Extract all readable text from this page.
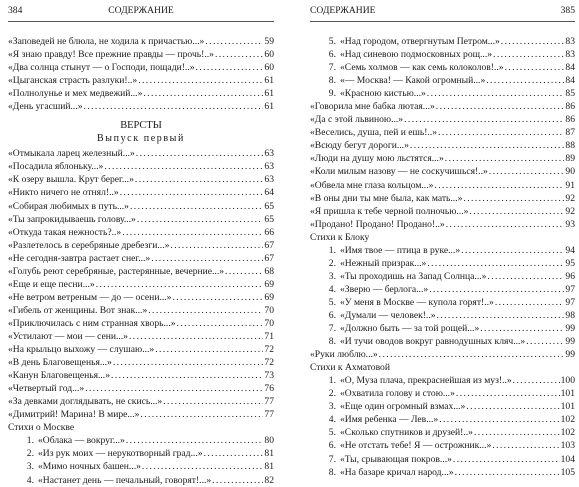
384	СОДЕРЖАНИЕ
«Заповедей не блюла, не ходила к причастью...» .....	59
«Я знаю правду! Все прежние правды — прочь!..» .....	60
«Два солнца стынут — о Господи, пощади!..» .....	60
«Цыганская страсть разлуки!..» .....	61
«Полнолунье и мех медвежий...» .....	61
«День угасший...» .....	61
ВЕРСТЫ
Выпуск первый
«Отмыкала ларец железный...» .....	63
«Посадила яблоньку...» .....	63
«К озеру вышла. Крут берег...» .....	63
«Никто ничего не отнял!..» .....	64
«Собирая любимых в путь...» .....	65
«Ты запрокидываешь голову...» .....	65
«Откуда такая нежность?..» .....	66
«Разлетелось в серебряные дребезги...» .....	67
«Не сегодня-завтра растает снег...» .....	67
«Голубь реют серебряные, растерянные, вечерние...» .....	68
«Еще и еще песни...» .....	69
«Не ветром ветреным — до — осени...» .....	69
«Гибель от женщины. Вот знак...» .....	70
«Приключилась с ним странная хворь...» .....	70
«Устилают — мои — сени...» .....	71
«На крыльцо выхожу — слушаю...» .....	72
«В день Благовещенья...» .....	72
«Канун Благовещенья...» .....	73
«Четвертый год...» .....	76
«За девками доглядывать, не скись...» .....	77
«Димитрий! Марина! В мире...» .....	77
Стихи о Москве
1. «Облака — вокруг...» .....	80
2. «Из рук моих — нерукотворный град...» .....	81
3. «Мимо ночных башен...» .....	81
4. «Настанет день — печальный, говорят!...» .....	82
СОДЕРЖАНИЕ	385
5. «Над городом, отвергнутым Петром...» .....	83
6. «Над синевою подмосковных рощ...» .....	83
7. «Семь холмов — как семь колоколов!..» .....	84
8. «— Москва! — Какой огромный...» .....	84
9. «Красною кистью...» .....	85
«Говорила мне бабка лютая...» .....	86
«Да с этой львиною...» .....	86
«Веселись, душа, пей и ешь!..» .....	87
«Всюду бегут дороги...» .....	88
«Люди на душу мою льстятся...» .....	89
«Коли милым назову — не соскучишься!..» .....	90
«Обвела мне глаза кольцом...» .....	91
«В оны дни ты мне была, как мать...» .....	92
«Я пришла к тебе черной полночью...» .....	92
«Продано! Продано! Продано!..» .....	93
Стихи к Блоку
1. «Имя твое — птица в руке...» .....	94
2. «Нежный призрак...» .....	95
3. «Ты проходишь на Запад Солнца...» .....	96
4. «Зверю — берлога...» .....	97
5. «У меня в Москве — купола горят!..» .....	97
6. «Думали — человек!..» .....	98
7. «Должно быть — за той рощей...» .....	99
8. «И тучи оводов вокруг равнодушных кляч...» .....	99
«Руки люблю...» .....	99
Стихи к Ахматовой
1. «О, Муза плача, прекраснейшая из муз!..» .....	100
2. «Охватила голову и стою...» .....	101
3. «Еще один огромный взмах...» .....	101
4. «Имя ребенка — Лев...» .....	102
5. «Сколько спутников и друзей!..» .....	102
6. «Не отстать тебе! Я — острожник...» .....	103
7. «Ты, срывающая покров...» .....	104
8. «На базаре кричал народ...» .....	105
